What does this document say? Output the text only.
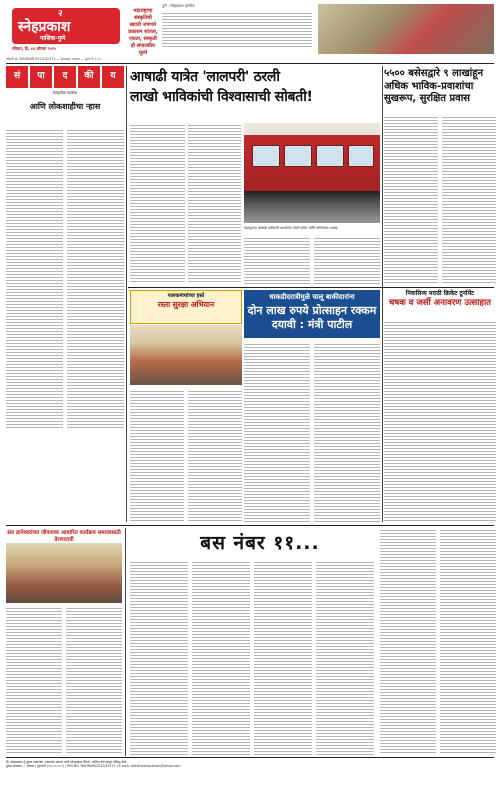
२
स्नेहप्रकाश
नाशिक-पुणे
रविवार, दि. ०३ ऑगस्ट २०२५
महाराष्ट्राचा संस्कृतिची ख्याती जपणारे प्रकाशन शांतता, एकता, संस्कृती ही संपादकीय मूल्ये
पुणे : स्नेहप्रकाश वृत्तसेवा
नोंदणी क्र. MAHMAR/2012/42371 — संपादक: प्रकाश — मूल्य ₹ २.००
सं	पा	द	की	य
संस्कृतीला गदारोळ
आणि लोकशाहीचा ऱ्हास
आषाढी यात्रेत 'लालपरी' ठरली
लाखो भाविकांची विश्वासाची सोबती!
पंढरपूरच्या आषाढी वारीसाठी धावलेल्या एसटी बसेस आणि भाविकांचा उत्साह
५५०० बसेसद्वारे ९ लाखांहून अधिक भाविक-प्रवाशांचा सुखरूप, सुरक्षित प्रवास
पालकमंत्र्यांच्या हस्ते
रस्ता सुरक्षा अभियान
धाकडीदरात्रीमुळे चालू बाकीदारांना
दोन लाख रुपये प्रोत्साहन रक्कम दयावी : मंत्री पाटील
निवासिव्य मराठी क्रिकेट टूर्नामेंट
चषक व जर्सी अनावरण उत्साहात
संत ज्ञानेश्वरांच्या जीवनावर आधारित कार्यक्रम समाजासाठी प्रेरणादायी	बस नंबर ११...
दि. स्नेहप्रकाश हे मुद्रक प्रकाशक, प्रकाशक प्रकाश यांनी स्नेहप्रकाश प्रिंटर्स, नाशिक येथे छापून प्रसिद्ध केले.
मुख्य संपादक — प्रकाश | दूरध्वनी (९५०००००००) | RNI NO. MAHMAR/2012/42371 | E-mail: dainiksnehprakash@gmail.com
